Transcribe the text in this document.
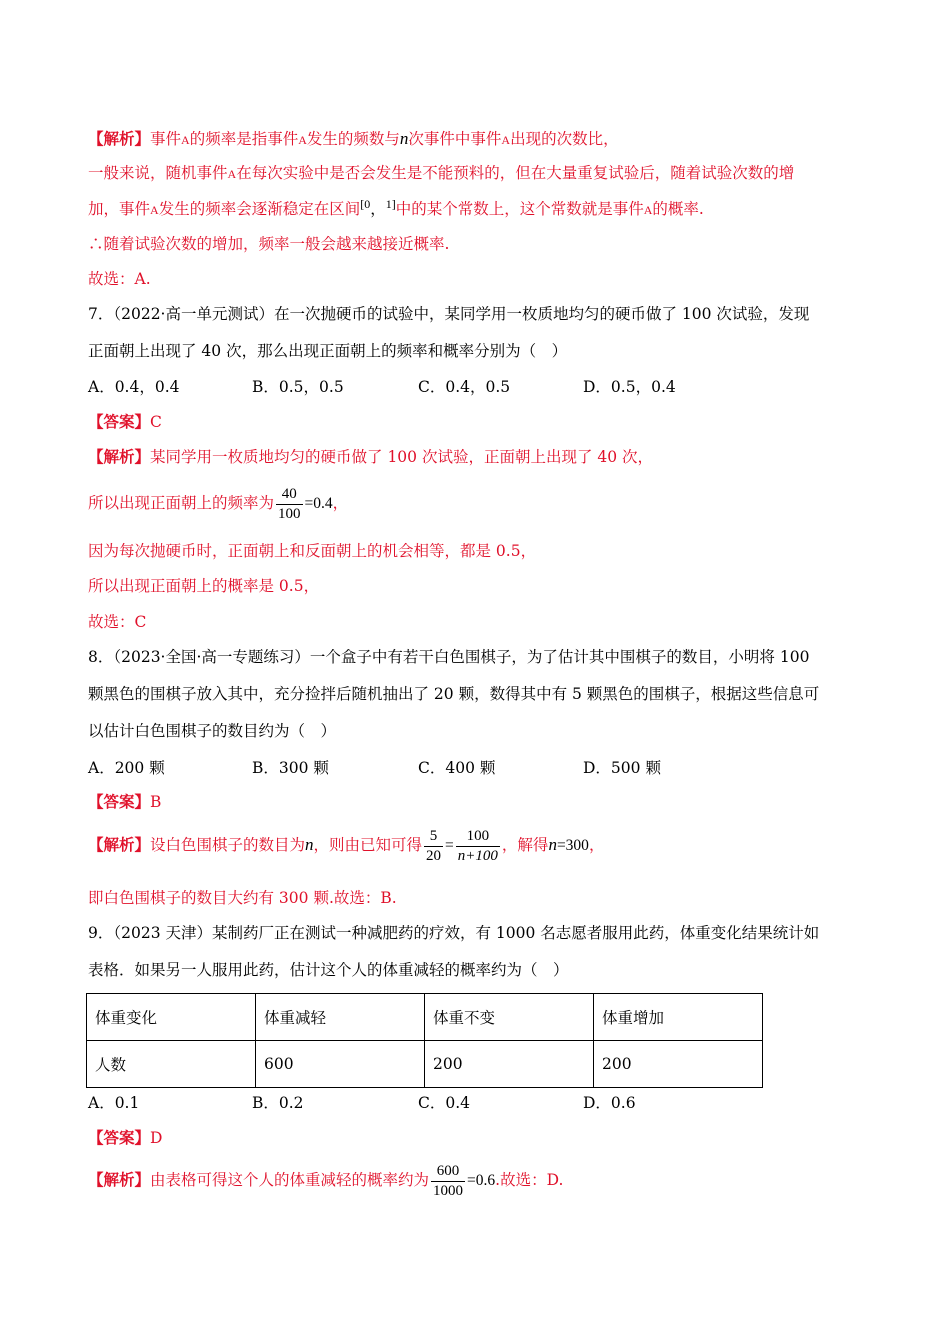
【解析】事件A的频率是指事件A发生的频数与n次事件中事件A出现的次数比，
一般来说，随机事件A在每次实验中是否会发生是不能预料的，但在大量重复试验后，随着试验次数的增
加，事件A发生的频率会逐渐稳定在区间$^{[0}$，$^{1]}$中的某个常数上，这个常数就是事件A的概率.
∴随着试验次数的增加，频率一般会越来越接近概率.
故选：A.
7．（2022·高一单元测试）在一次抛硬币的试验中，某同学用一枚质地均匀的硬币做了 100 次试验，发现
正面朝上出现了 40 次，那么出现正面朝上的频率和概率分别为（　）
A．0.4，0.4	B．0.5，0.5	C．0.4，0.5	D．0.5，0.4
【答案】C
【解析】某同学用一枚质地均匀的硬币做了 100 次试验，正面朝上出现了 40 次，
所以出现正面朝上的频率为 $\frac{40}{100} =0.4$，
因为每次抛硬币时，正面朝上和反面朝上的机会相等，都是 0.5，
所以出现正面朝上的概率是 0.5，
故选：C
8．（2023·全国·高一专题练习）一个盒子中有若干白色围棋子，为了估计其中围棋子的数目，小明将 100
颗黑色的围棋子放入其中，充分捡拌后随机抽出了 20 颗，数得其中有 5 颗黑色的围棋子，根据这些信息可
以估计白色围棋子的数目约为（　）
A．200 颗	B．300 颗	C．400 颗	D．500 颗
【答案】B
【解析】设白色围棋子的数目为n，则由已知可得 $\frac{5}{20} = \frac{100}{n+100}$ ，解得n=300，
即白色围棋子的数目大约有 300 颗.故选：B.
9．（2023 天津）某制药厂正在测试一种减肥药的疗效，有 1000 名志愿者服用此药，体重变化结果统计如
表格．如果另一人服用此药，估计这个人的体重减轻的概率约为（　）
体重变化	体重减轻	体重不变	体重增加
人数	600	200	200
A．0.1	B．0.2	C．0.4	D．0.6
【答案】D
【解析】由表格可得这个人的体重减轻的概率约为 $\frac{600}{1000} =0.6$.故选：D.
